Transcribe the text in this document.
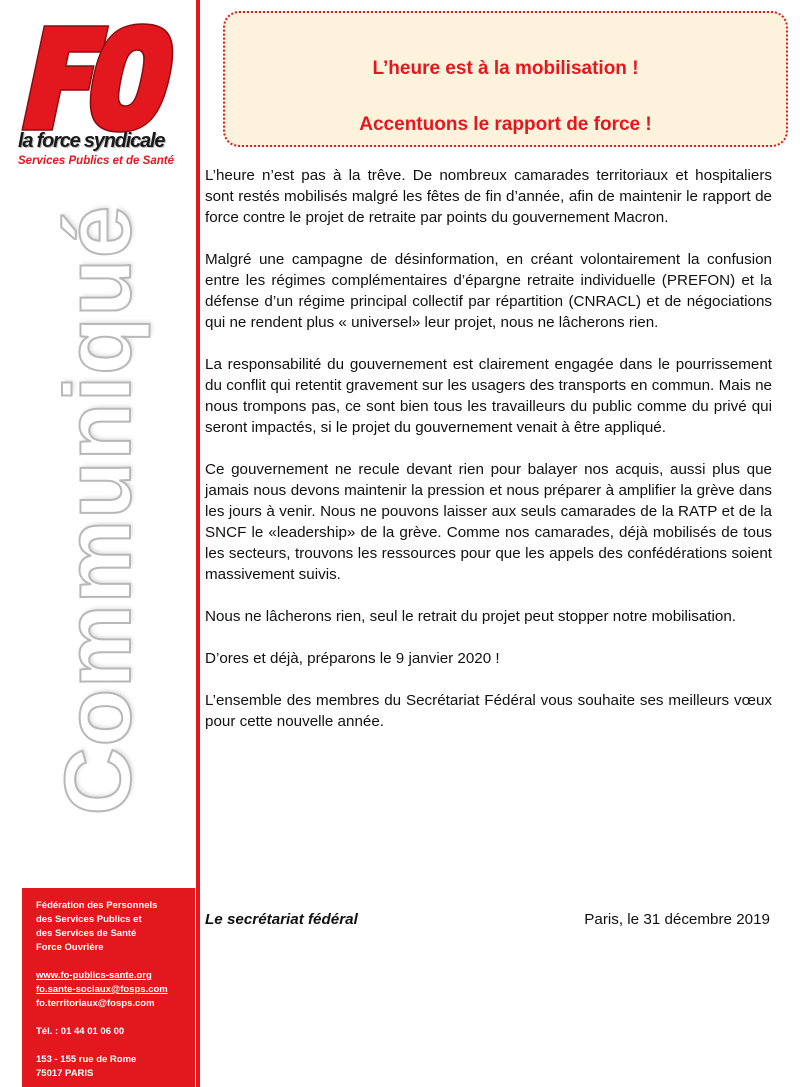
la force syndicale
Services Publics et de Santé
Communiqué
Fédération des Personnels
des Services Publics et
des Services de Santé
Force Ouvrière
www.fo-publics-sante.org
fo.sante-sociaux@fosps.com
fo.territoriaux@fosps.com
Tél. : 01 44 01 06 00
153 - 155 rue de Rome
75017 PARIS
L’heure est à la mobilisation !
Accentuons le rapport de force !

L’heure n’est pas à la trêve. De nombreux camarades territoriaux et hospitaliers sont restés mobilisés malgré les fêtes de fin d’année, afin de maintenir le rapport de force contre le projet de retraite par points du gouvernement Macron.

Malgré une campagne de désinformation, en créant volontairement la confusion entre les régimes complémentaires d’épargne retraite individuelle (PREFON) et la défense d’un régime principal collectif par répartition (CNRACL) et de négociations qui ne rendent plus « universel» leur projet, nous ne lâcherons rien.

La responsabilité du gouvernement est clairement engagée dans le pourrissement du conflit qui retentit gravement sur les usagers des transports en commun. Mais ne nous trompons pas, ce sont bien tous les travailleurs du public comme du privé qui seront impactés, si le projet du gouvernement venait à être appliqué.

Ce gouvernement ne recule devant rien pour balayer nos acquis, aussi plus que jamais nous devons maintenir la pression et nous préparer à amplifier la grève dans les jours à venir. Nous ne pouvons laisser aux seuls camarades de la RATP et de la SNCF le «leadership» de la grève. Comme nos camarades, déjà mobilisés de tous les secteurs, trouvons les ressources pour que les appels des confédérations soient massivement suivis.

Nous ne lâcherons rien, seul le retrait du projet peut stopper notre mobilisation.

D’ores et déjà, préparons le 9 janvier 2020 !

L’ensemble des membres du Secrétariat Fédéral vous souhaite ses meilleurs vœux pour cette nouvelle année.

Le secrétariat fédéral	Paris, le 31 décembre 2019
